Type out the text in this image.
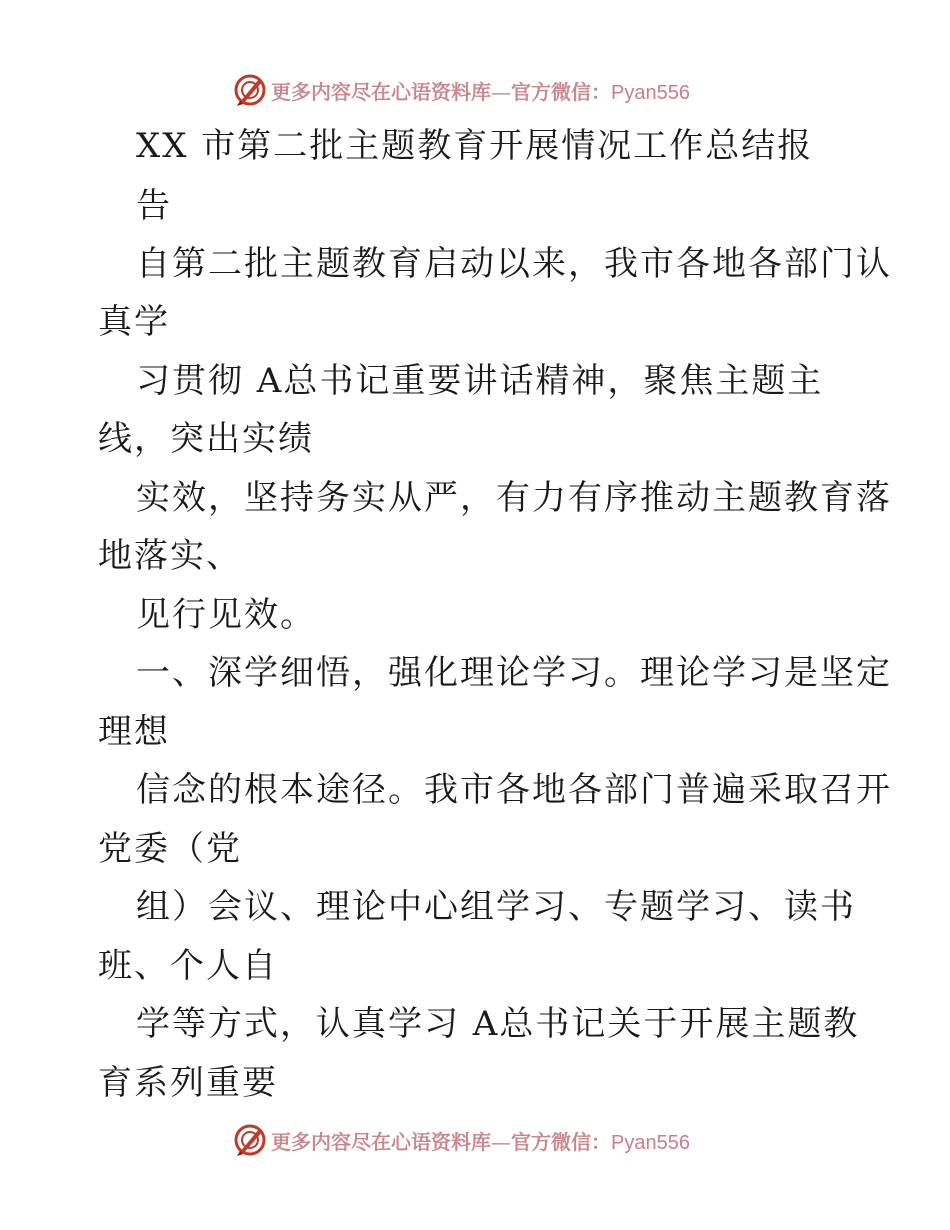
更多内容尽在心语资料库—官方微信：Pyan556
XX 市第二批主题教育开展情况工作总结报
告
自第二批主题教育启动以来，我市各地各部门认
真学
习贯彻 A总书记重要讲话精神，聚焦主题主
线，突出实绩
实效，坚持务实从严，有力有序推动主题教育落
地落实、
见行见效。
一、深学细悟，强化理论学习。理论学习是坚定
理想
信念的根本途径。我市各地各部门普遍采取召开
党委（党
组）会议、理论中心组学习、专题学习、读书
班、个人自
学等方式，认真学习 A总书记关于开展主题教
育系列重要
更多内容尽在心语资料库—官方微信：Pyan556
